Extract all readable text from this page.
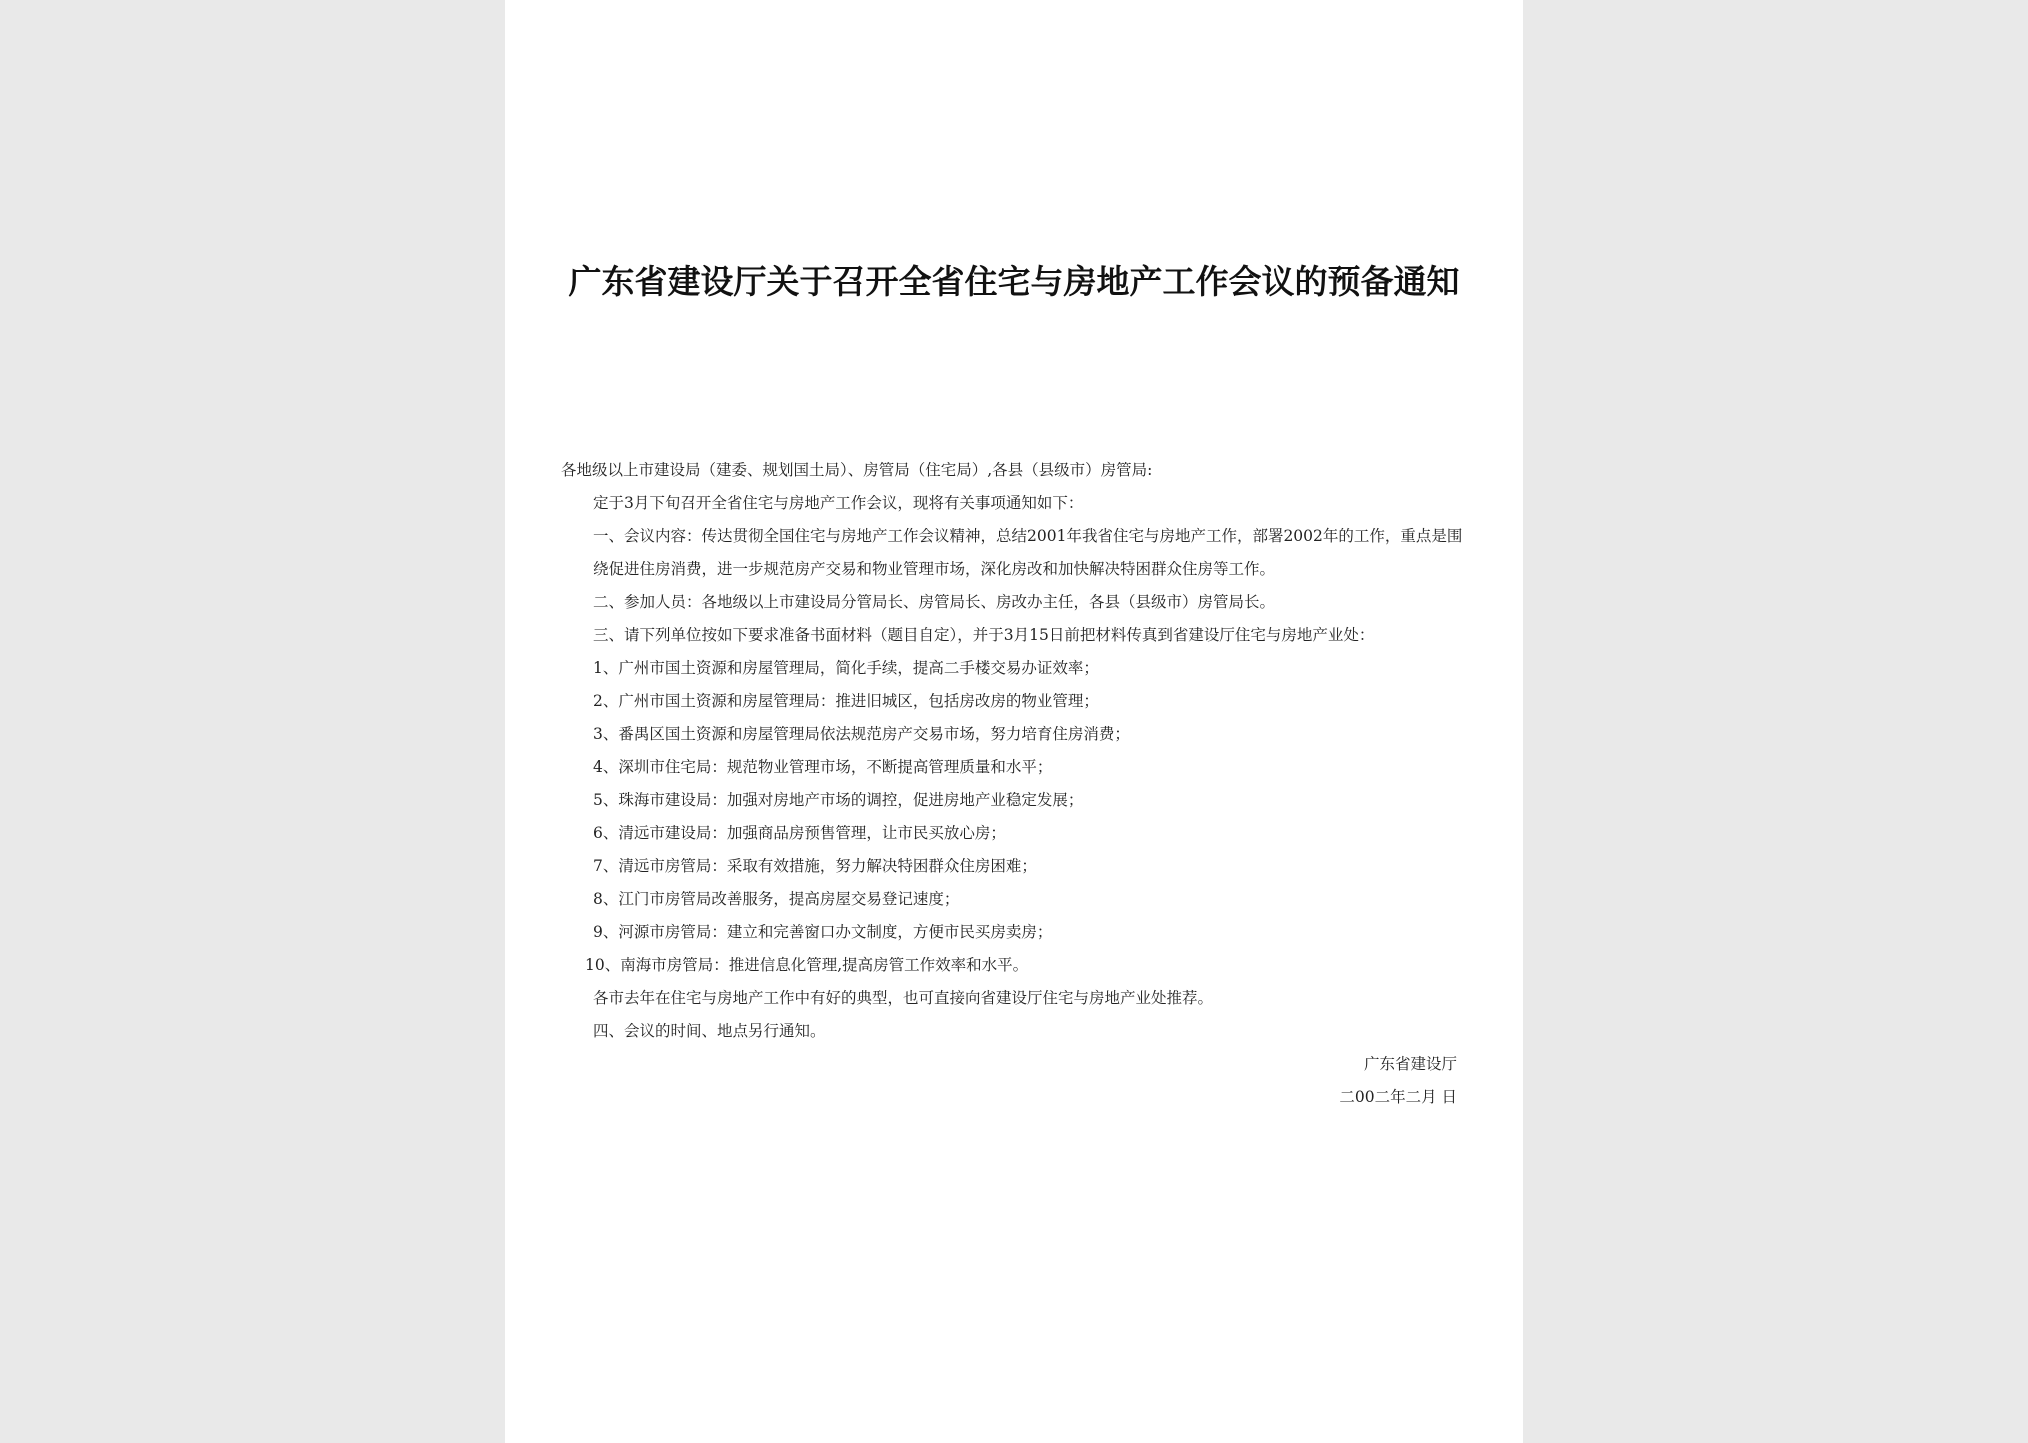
广东省建设厅关于召开全省住宅与房地产工作会议的预备通知
各地级以上市建设局（建委、规划国土局）、房管局（住宅局）,各县（县级市）房管局:
定于3月下旬召开全省住宅与房地产工作会议，现将有关事项通知如下：
一、会议内容：传达贯彻全国住宅与房地产工作会议精神，总结2001年我省住宅与房地产工作，部署2002年的工作，重点是围绕促进住房消费，进一步规范房产交易和物业管理市场，深化房改和加快解决特困群众住房等工作。
二、参加人员：各地级以上市建设局分管局长、房管局长、房改办主任，各县（县级市）房管局长。
三、请下列单位按如下要求准备书面材料（题目自定），并于3月15日前把材料传真到省建设厅住宅与房地产业处：
1、广州市国土资源和房屋管理局，简化手续，提高二手楼交易办证效率；
2、广州市国土资源和房屋管理局：推进旧城区，包括房改房的物业管理；
3、番禺区国土资源和房屋管理局依法规范房产交易市场，努力培育住房消费；
4、深圳市住宅局：规范物业管理市场，不断提高管理质量和水平；
5、珠海市建设局：加强对房地产市场的调控，促进房地产业稳定发展；
6、清远市建设局：加强商品房预售管理，让市民买放心房；
7、清远市房管局：采取有效措施，努力解决特困群众住房困难；
8、江门市房管局改善服务，提高房屋交易登记速度；
9、河源市房管局：建立和完善窗口办文制度，方便市民买房卖房；
10、南海市房管局：推进信息化管理,提高房管工作效率和水平。
各市去年在住宅与房地产工作中有好的典型，也可直接向省建设厅住宅与房地产业处推荐。
四、会议的时间、地点另行通知。
广东省建设厅
二00二年二月 日
